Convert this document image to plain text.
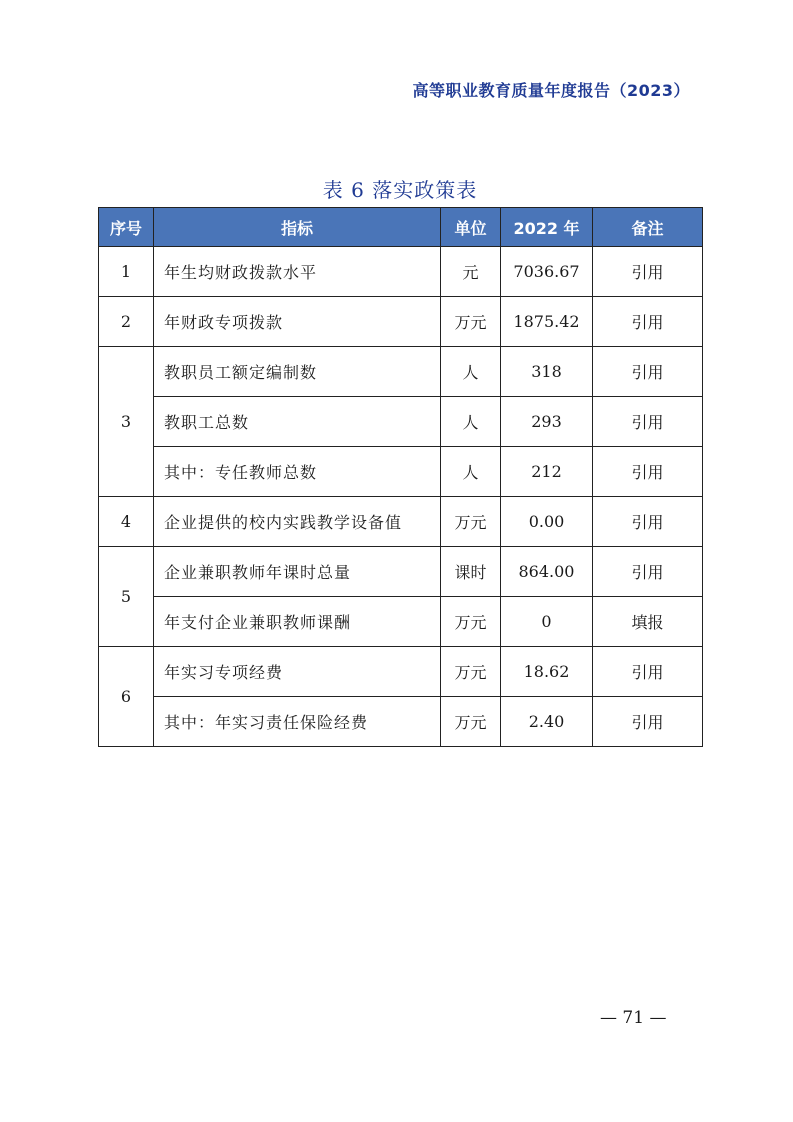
高等职业教育质量年度报告（2023）
表 6 落实政策表
序号	指标	单位	2022 年	备注
1	年生均财政拨款水平	元	7036.67	引用
2	年财政专项拨款	万元	1875.42	引用
3	教职员工额定编制数	人	318	引用
	教职工总数	人	293	引用
	其中：专任教师总数	人	212	引用
4	企业提供的校内实践教学设备值	万元	0.00	引用
5	企业兼职教师年课时总量	课时	864.00	引用
	年支付企业兼职教师课酬	万元	0	填报
6	年实习专项经费	万元	18.62	引用
	其中：年实习责任保险经费	万元	2.40	引用
— 71 —
